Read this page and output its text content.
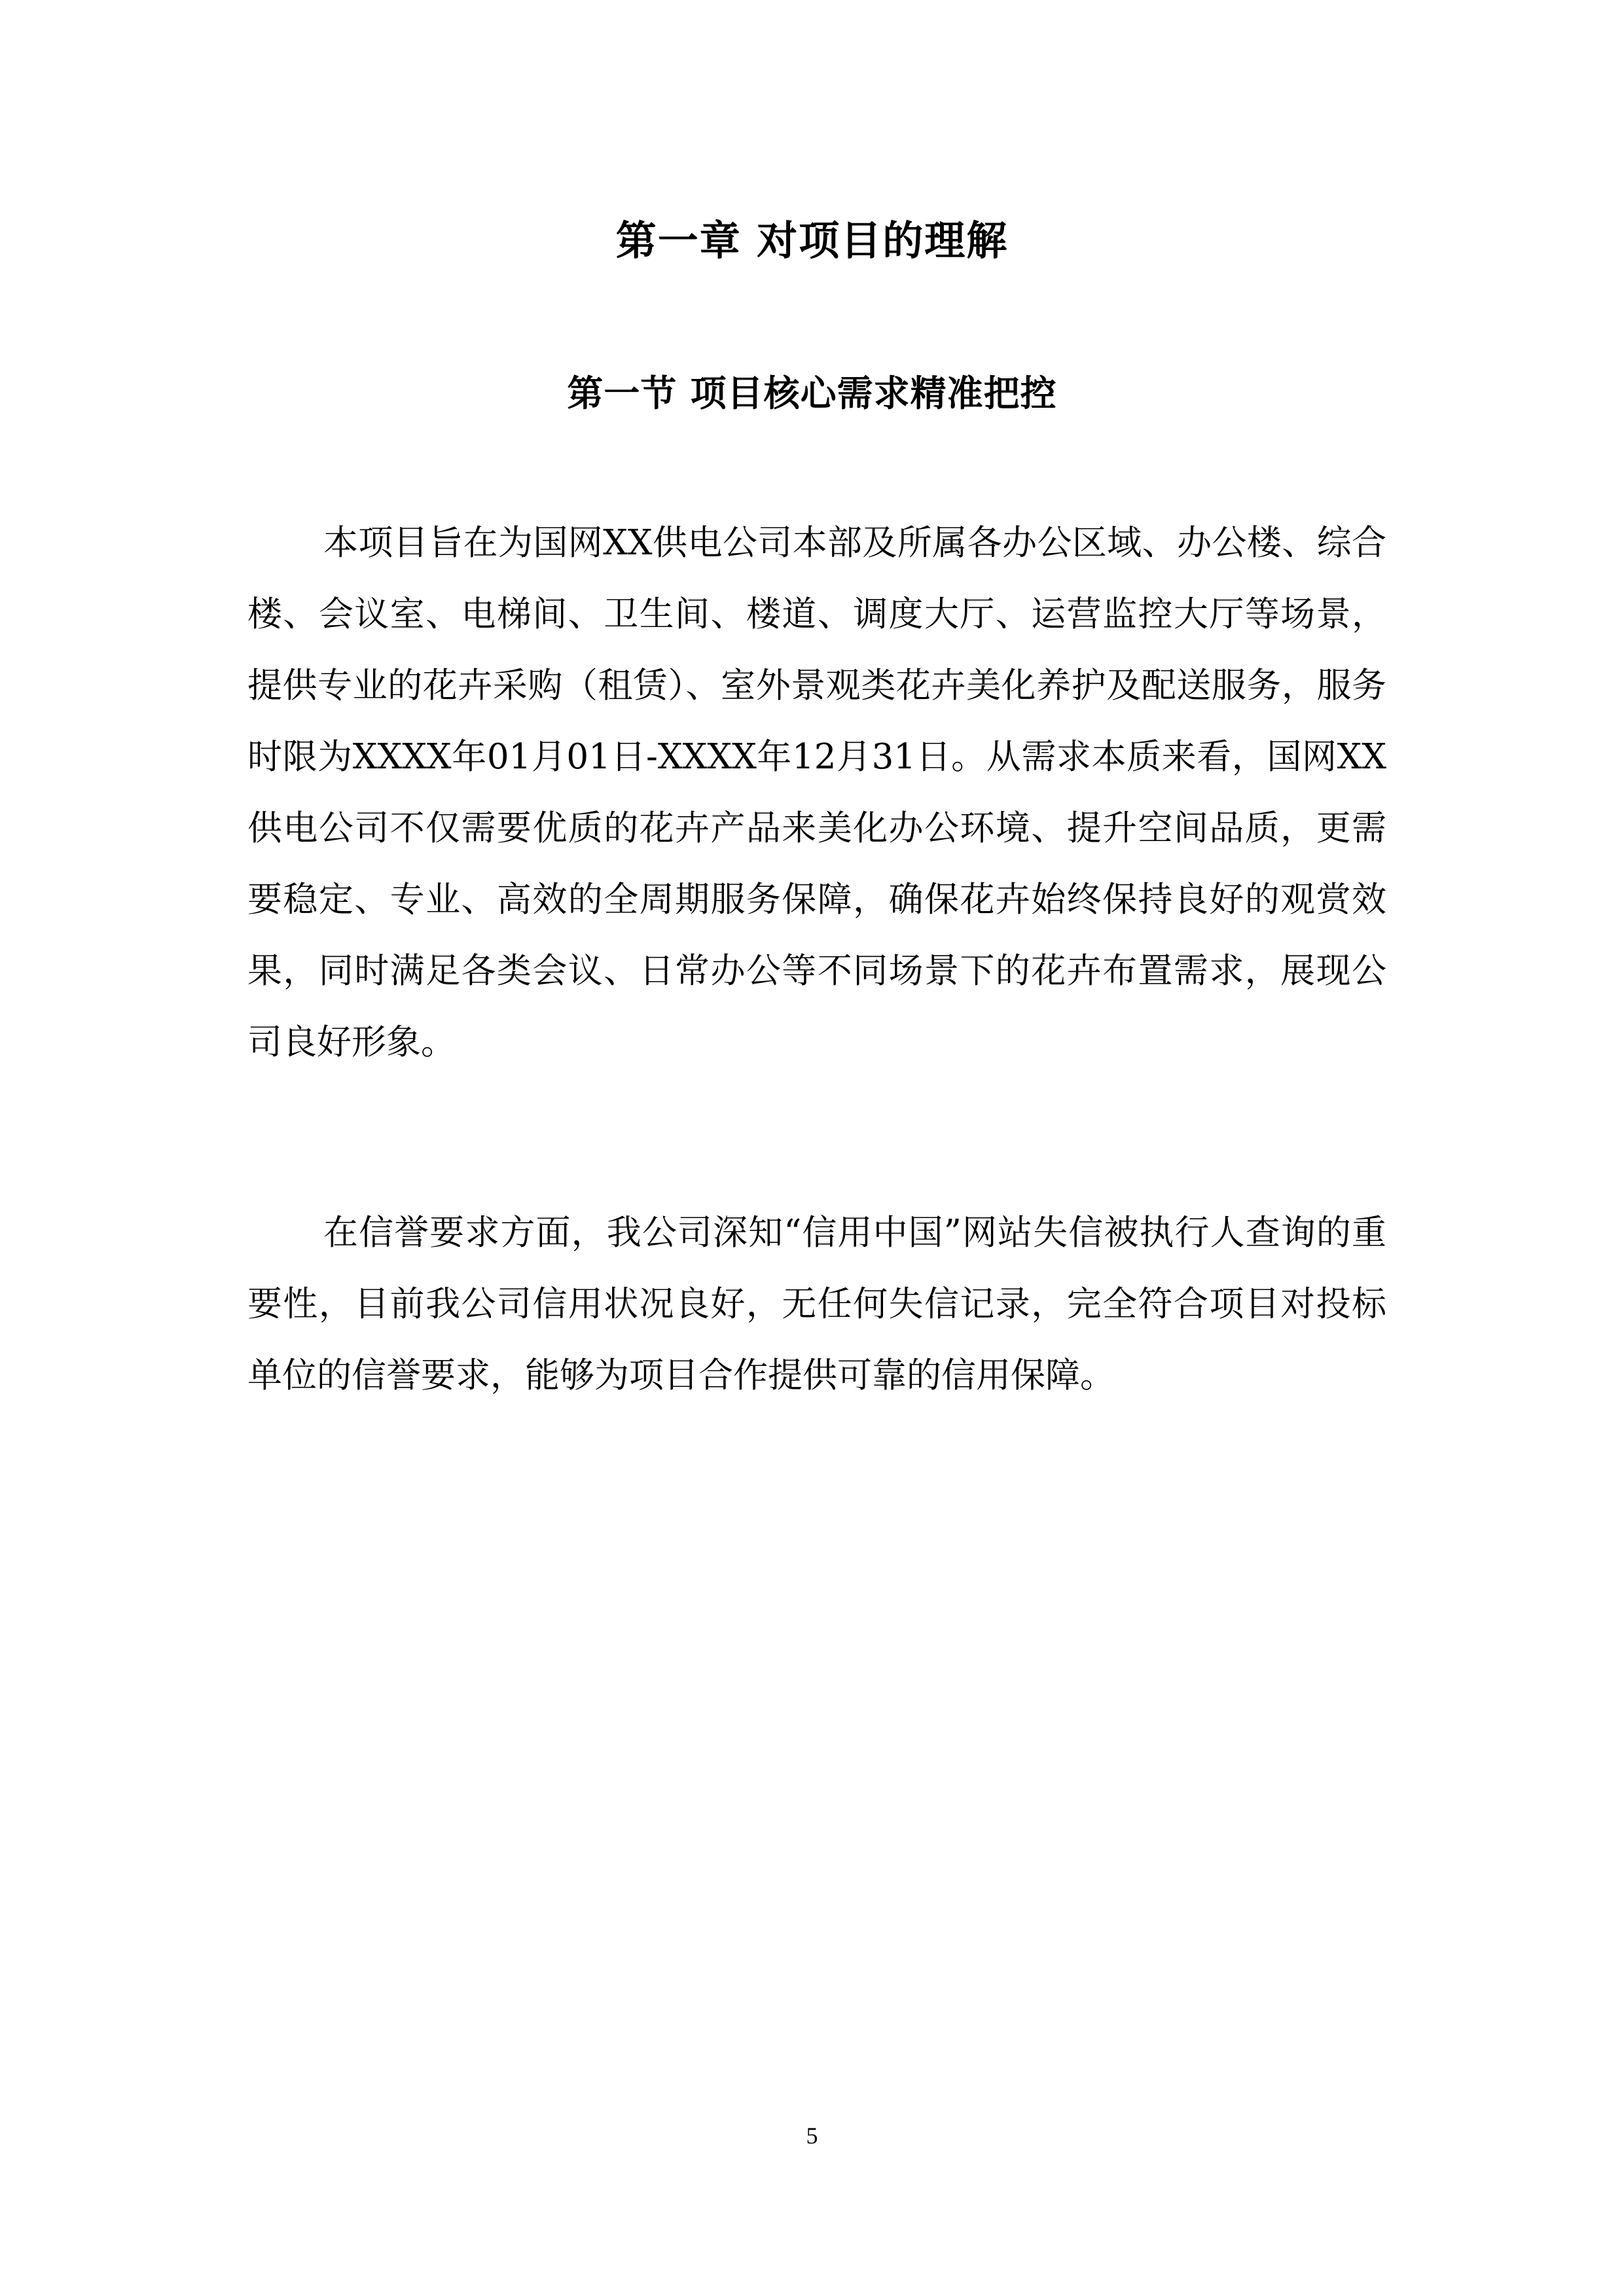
第一章 对项目的理解
第一节 项目核心需求精准把控

本项目旨在为国网XX供电公司本部及所属各办公区域、办公楼、综合楼、会议室、电梯间、卫生间、楼道、调度大厅、运营监控大厅等场景，提供专业的花卉采购（租赁）、室外景观类花卉美化养护及配送服务，服务时限为XXXX年01月01日-XXXX年12月31日。从需求本质来看，国网XX供电公司不仅需要优质的花卉产品来美化办公环境、提升空间品质，更需要稳定、专业、高效的全周期服务保障，确保花卉始终保持良好的观赏效果，同时满足各类会议、日常办公等不同场景下的花卉布置需求，展现公司良好形象。

在信誉要求方面，我公司深知“信用中国”网站失信被执行人查询的重要性，目前我公司信用状况良好，无任何失信记录，完全符合项目对投标单位的信誉要求，能够为项目合作提供可靠的信用保障。

5
